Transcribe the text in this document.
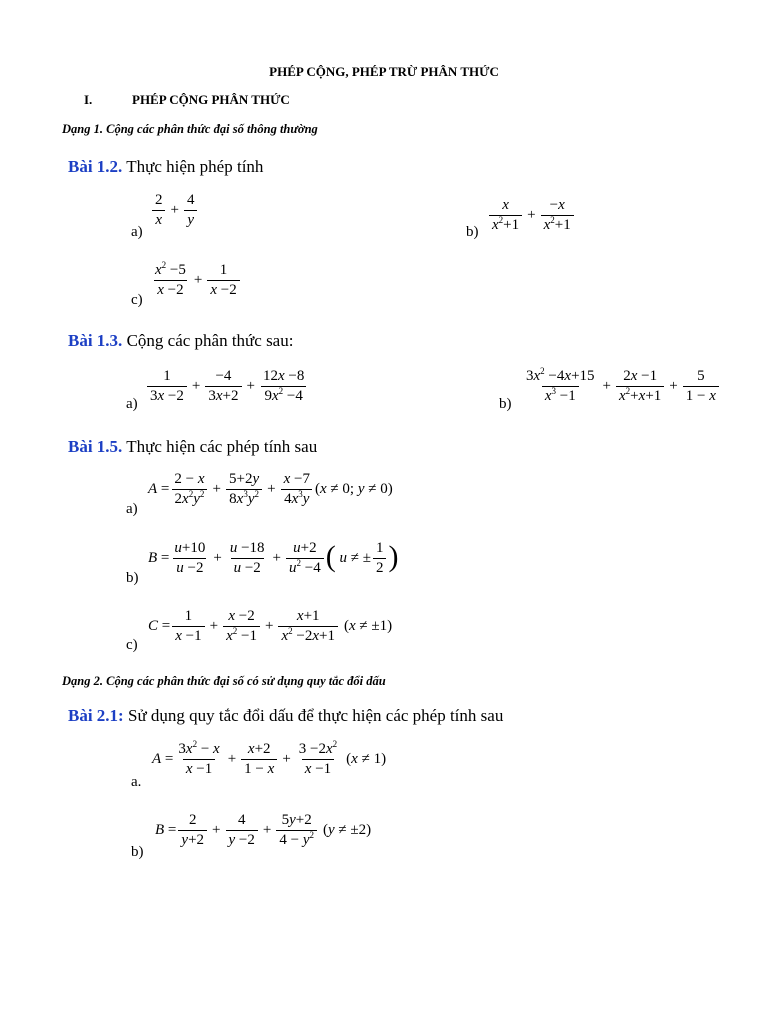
PHÉP CỘNG, PHÉP TRỪ PHÂN THỨC
I.	PHÉP CỘNG PHÂN THỨC
Dạng 1. Cộng các phân thức đại số thông thường
Bài 1.2. Thực hiện phép tính
a)
$\frac{2}{x} + \frac{4}{y}$
$b) \frac{x}{x^2+1} + \frac{-x}{x^2+1}$
c)
$\frac{x^2 -5}{x -2} + \frac{1}{x -2}$
Bài 1.3. Cộng các phân thức sau:
$a) \frac{1}{3x -2} + \frac{-4}{3x+2} + \frac{12x -8}{9x^2 -4}$	$b) \frac{3x^2 -4x+15}{x^3 -1} + \frac{2x -1}{x^2+x+1} + \frac{5}{1 - x}$
Bài 1.5. Thực hiện các phép tính sau
a)
$A = \frac{2 - x}{2x^2y^2} + \frac{5+2y}{8x^3y^2} + \frac{x -7}{4x^3y} (x \ne 0$; y ≠ 0)
b)
$B = \frac{u+10}{u -2} + \frac{u -18}{u -2} + \frac{u+2}{u^2 -4}$ (
u ≠ ± $\frac{1}{2}$ )
c)
$C = \frac{1}{x -1} + \frac{x -2}{x^2 -1} + \frac{x+1}{x^2 -2x+1} (x \ne \pm 1)$
Dạng 2. Cộng các phân thức đại số có sử dụng quy tắc đổi dấu
Bài 2.1: Sử dụng quy tắc đổi dấu để thực hiện các phép tính sau
a.
$A = \frac{3x^2 - x}{x -1} + \frac{x+2}{1 - x} + \frac{3 -2x^2}{x -1} (x \ne 1)$
b)
$B = \frac{2}{y+2} + \frac{4}{y -2} + \frac{5y+2}{4 - y^2} (y \ne \pm 2)$
